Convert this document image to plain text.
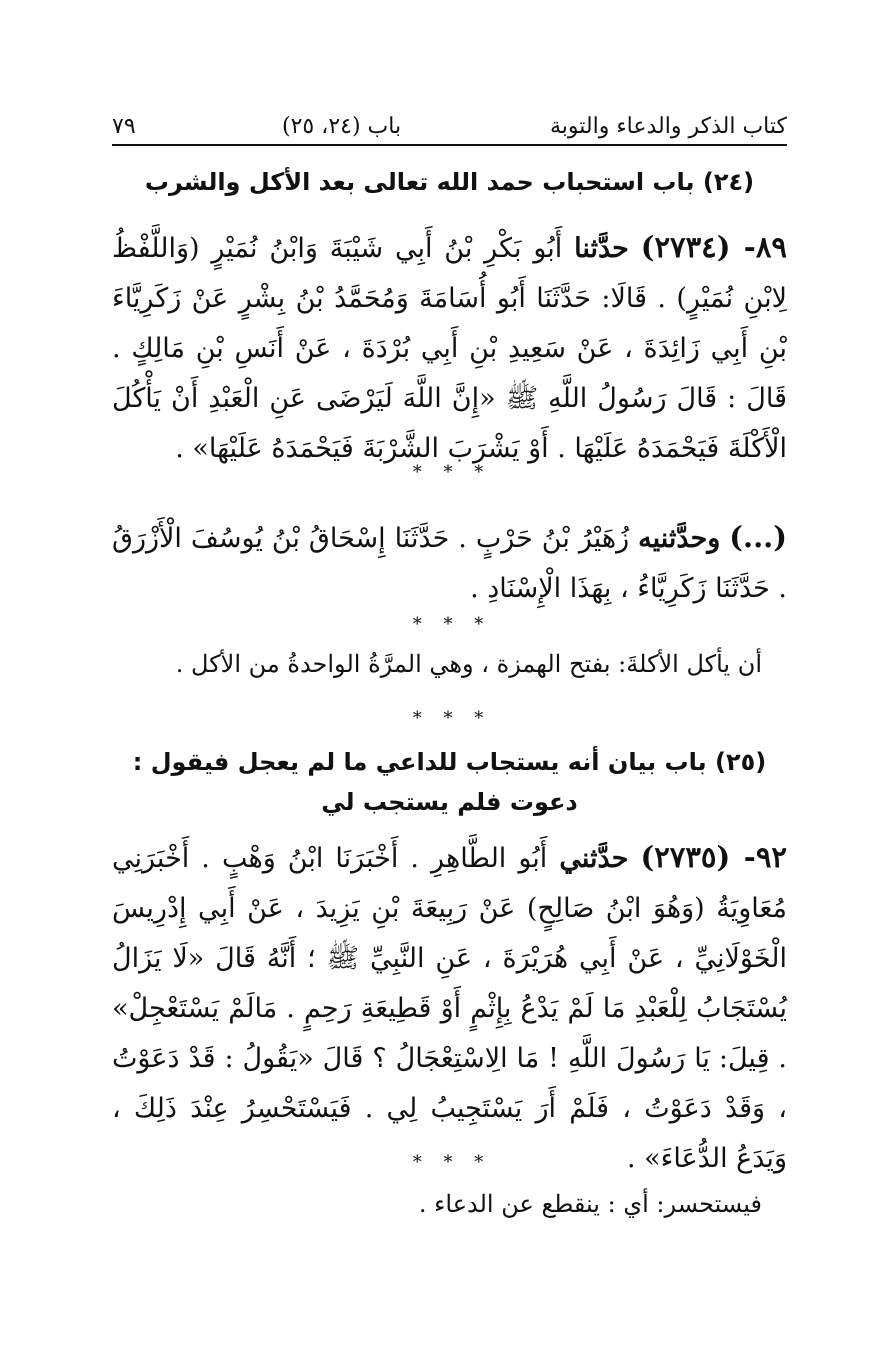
كتاب الذكر والدعاء والتوبة
باب (٢٤، ٢٥)
٧٩
(٢٤) باب استحباب حمد الله تعالى بعد الأكل والشرب
٨٩- (٢٧٣٤) حدَّثنا أَبُو بَكْرِ بْنُ أَبِي شَيْبَةَ وَابْنُ نُمَيْرٍ (وَاللَّفْظُ لِابْنِ نُمَيْرٍ) . قَالَا: حَدَّثَنَا أَبُو أُسَامَةَ وَمُحَمَّدُ بْنُ بِشْرٍ عَنْ زَكَرِيَّاءَ بْنِ أَبِي زَائِدَةَ ، عَنْ سَعِيدِ بْنِ أَبِي بُرْدَةَ ، عَنْ أَنَسِ بْنِ مَالِكٍ . قَالَ : قَالَ رَسُولُ اللَّهِ ﷺ «إِنَّ اللَّهَ لَيَرْضَى عَنِ الْعَبْدِ أَنْ يَأْكُلَ الْأَكْلَةَ فَيَحْمَدَهُ عَلَيْهَا . أَوْ يَشْرَبَ الشَّرْبَةَ فَيَحْمَدَهُ عَلَيْهَا» .
* * *
(...) وحدَّثنيه زُهَيْرُ بْنُ حَرْبٍ . حَدَّثَنَا إِسْحَاقُ بْنُ يُوسُفَ الْأَزْرَقُ . حَدَّثَنَا زَكَرِيَّاءُ ، بِهَذَا الْإِسْنَادِ .
* * *
أن يأكل الأكلةَ: بفتح الهمزة ، وهي المرَّةُ الواحدةُ من الأكل .
* * *
(٢٥) باب بيان أنه يستجاب للداعي ما لم يعجل فيقول : دعوت فلم يستجب لي
٩٢- (٢٧٣٥) حدَّثني أَبُو الطَّاهِرِ . أَخْبَرَنَا ابْنُ وَهْبٍ . أَخْبَرَنِي مُعَاوِيَةُ (وَهُوَ ابْنُ صَالِحٍ) عَنْ رَبِيعَةَ بْنِ يَزِيدَ ، عَنْ أَبِي إِدْرِيسَ الْخَوْلَانِيِّ ، عَنْ أَبِي هُرَيْرَةَ ، عَنِ النَّبِيِّ ﷺ ؛ أَنَّهُ قَالَ «لَا يَزَالُ يُسْتَجَابُ لِلْعَبْدِ مَا لَمْ يَدْعُ بِإِثْمٍ أَوْ قَطِيعَةِ رَحِمٍ . مَالَمْ يَسْتَعْجِلْ» . قِيلَ: يَا رَسُولَ اللَّهِ ! مَا الِاسْتِعْجَالُ ؟ قَالَ «يَقُولُ : قَدْ دَعَوْتُ ، وَقَدْ دَعَوْتُ ، فَلَمْ أَرَ يَسْتَجِيبُ لِي . فَيَسْتَحْسِرُ عِنْدَ ذَلِكَ ، وَيَدَعُ الدُّعَاءَ» .
* * *
فيستحسر: أي : ينقطع عن الدعاء .
